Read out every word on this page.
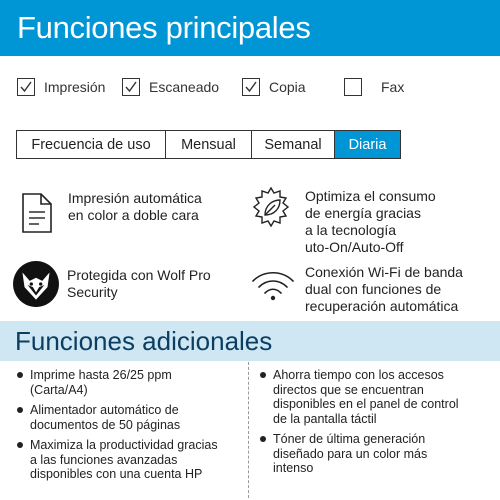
Funciones principales
Impresión	Escaneado	Copia	Fax
Frecuencia de uso	Mensual	Semanal	Diaria
Impresión automática
en color a doble cara
Optimiza el consumo
de energía gracias
a la tecnología
uto-On/Auto-Off
Protegida con Wolf Pro
Security
Conexión Wi-Fi de banda
dual con funciones de
recuperación automática
Funciones adicionales
Imprime hasta 26/25 ppm
(Carta/A4)
Alimentador automático de
documentos de 50 páginas
Maximiza la productividad gracias
a las funciones avanzadas
disponibles con una cuenta HP
Ahorra tiempo con los accesos
directos que se encuentran
disponibles en el panel de control
de la pantalla táctil
Tóner de última generación
diseñado para un color más
intenso
